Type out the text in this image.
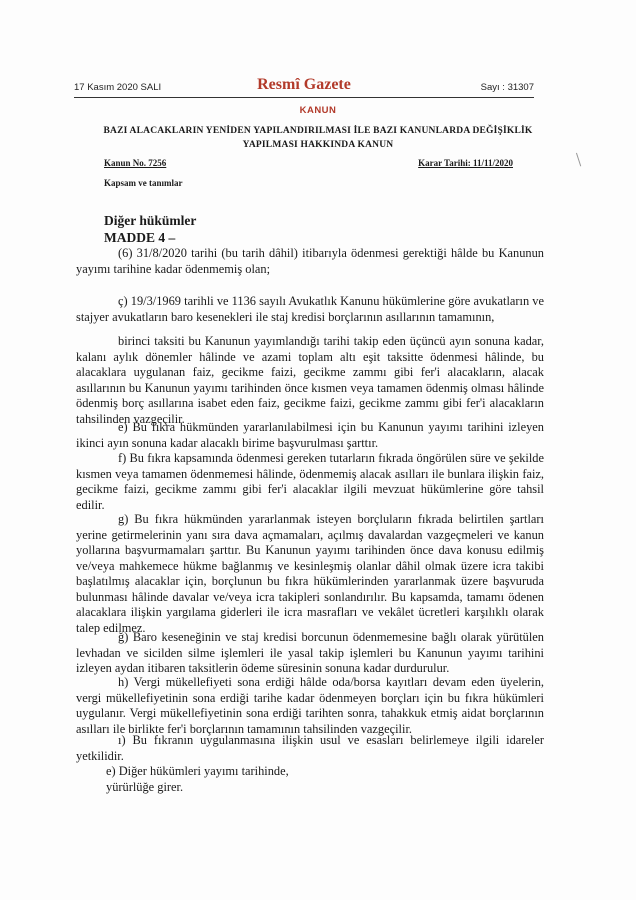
17 Kasım 2020 SALI	Resmî Gazete	Sayı : 31307
KANUN
BAZI ALACAKLARIN YENİDEN YAPILANDIRILMASI İLE BAZI KANUNLARDA DEĞİŞİKLİK YAPILMASI HAKKINDA KANUN
Kanun No. 7256	Karar Tarihi: 11/11/2020
Kapsam ve tanımlar
Diğer hükümler
MADDE 4 –

(6) 31/8/2020 tarihi (bu tarih dâhil) itibarıyla ödenmesi gerektiği hâlde bu Kanunun yayımı tarihine kadar ödenmemiş olan;

ç) 19/3/1969 tarihli ve 1136 sayılı Avukatlık Kanunu hükümlerine göre avukatların ve stajyer avukatların baro kesenekleri ile staj kredisi borçlarının asıllarının tamamının,

birinci taksiti bu Kanunun yayımlandığı tarihi takip eden üçüncü ayın sonuna kadar, kalanı aylık dönemler hâlinde ve azami toplam altı eşit taksitte ödenmesi hâlinde, bu alacaklara uygulanan faiz, gecikme faizi, gecikme zammı gibi fer'i alacakların, alacak asıllarının bu Kanunun yayımı tarihinden önce kısmen veya tamamen ödenmiş olması hâlinde ödenmiş borç asıllarına isabet eden faiz, gecikme faizi, gecikme zammı gibi fer'i alacakların tahsilinden vazgeçilir.

e) Bu fıkra hükmünden yararlanılabilmesi için bu Kanunun yayımı tarihini izleyen ikinci ayın sonuna kadar alacaklı birime başvurulması şarttır.

f) Bu fıkra kapsamında ödenmesi gereken tutarların fıkrada öngörülen süre ve şekilde kısmen veya tamamen ödenmemesi hâlinde, ödenmemiş alacak asılları ile bunlara ilişkin faiz, gecikme faizi, gecikme zammı gibi fer'i alacaklar ilgili mevzuat hükümlerine göre tahsil edilir.

g) Bu fıkra hükmünden yararlanmak isteyen borçluların fıkrada belirtilen şartları yerine getirmelerinin yanı sıra dava açmamaları, açılmış davalardan vazgeçmeleri ve kanun yollarına başvurmamaları şarttır. Bu Kanunun yayımı tarihinden önce dava konusu edilmiş ve/veya mahkemece hükme bağlanmış ve kesinleşmiş olanlar dâhil olmak üzere icra takibi başlatılmış alacaklar için, borçlunun bu fıkra hükümlerinden yararlanmak üzere başvuruda bulunması hâlinde davalar ve/veya icra takipleri sonlandırılır. Bu kapsamda, tamamı ödenen alacaklara ilişkin yargılama giderleri ile icra masrafları ve vekâlet ücretleri karşılıklı olarak talep edilmez.

ğ) Baro keseneğinin ve staj kredisi borcunun ödenmemesine bağlı olarak yürütülen levhadan ve sicilden silme işlemleri ile yasal takip işlemleri bu Kanunun yayımı tarihini izleyen aydan itibaren taksitlerin ödeme süresinin sonuna kadar durdurulur.

h) Vergi mükellefiyeti sona erdiği hâlde oda/borsa kayıtları devam eden üyelerin, vergi mükellefiyetinin sona erdiği tarihe kadar ödenmeyen borçları için bu fıkra hükümleri uygulanır. Vergi mükellefiyetinin sona erdiği tarihten sonra, tahakkuk etmiş aidat borçlarının asılları ile birlikte fer'i borçlarının tamamının tahsilinden vazgeçilir.

ı) Bu fıkranın uygulanmasına ilişkin usul ve esasları belirlemeye ilgili idareler yetkilidir.

e) Diğer hükümleri yayımı tarihinde,

yürürlüğe girer.
